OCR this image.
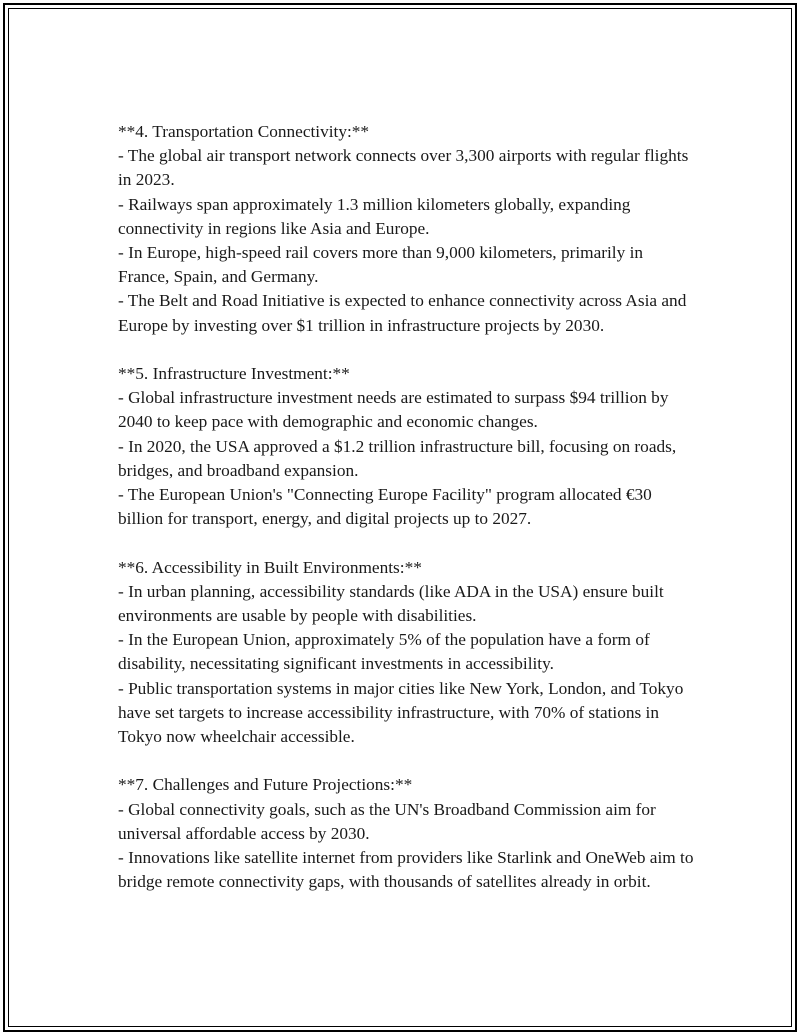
**4. Transportation Connectivity:**
- The global air transport network connects over 3,300 airports with regular flights in 2023.
- Railways span approximately 1.3 million kilometers globally, expanding connectivity in regions like Asia and Europe.
- In Europe, high-speed rail covers more than 9,000 kilometers, primarily in France, Spain, and Germany.
- The Belt and Road Initiative is expected to enhance connectivity across Asia and Europe by investing over $1 trillion in infrastructure projects by 2030.
**5. Infrastructure Investment:**
- Global infrastructure investment needs are estimated to surpass $94 trillion by 2040 to keep pace with demographic and economic changes.
- In 2020, the USA approved a $1.2 trillion infrastructure bill, focusing on roads, bridges, and broadband expansion.
- The European Union's "Connecting Europe Facility" program allocated €30 billion for transport, energy, and digital projects up to 2027.
**6. Accessibility in Built Environments:**
- In urban planning, accessibility standards (like ADA in the USA) ensure built environments are usable by people with disabilities.
- In the European Union, approximately 5% of the population have a form of disability, necessitating significant investments in accessibility.
- Public transportation systems in major cities like New York, London, and Tokyo have set targets to increase accessibility infrastructure, with 70% of stations in Tokyo now wheelchair accessible.
**7. Challenges and Future Projections:**
- Global connectivity goals, such as the UN's Broadband Commission aim for universal affordable access by 2030.
- Innovations like satellite internet from providers like Starlink and OneWeb aim to bridge remote connectivity gaps, with thousands of satellites already in orbit.
